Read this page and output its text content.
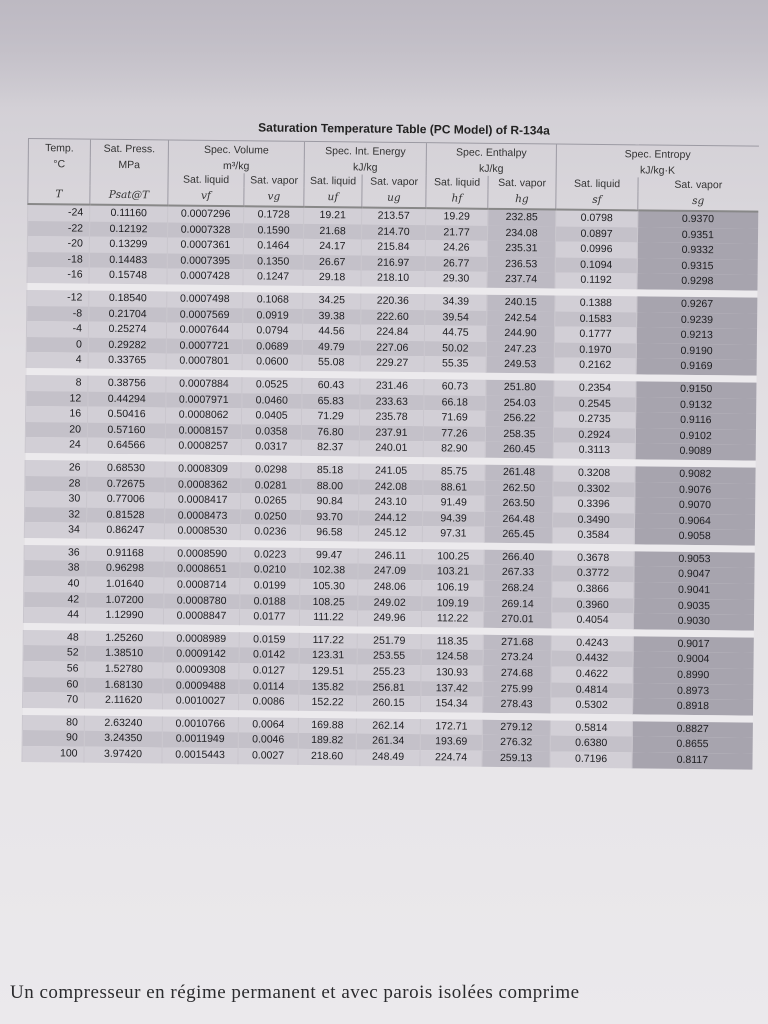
Saturation Temperature Table (PC Model) of R-134a
Temp.	Sat. Press.	Spec. Volume		Spec. Int. Energy		Spec. Enthalpy		Spec. Entropy	
°C	MPa	m³/kg		kJ/kg		kJ/kg		kJ/kg·K	
		Sat. liquid	Sat. vapor	Sat. liquid	Sat. vapor	Sat. liquid	Sat. vapor	Sat. liquid	Sat. vapor
T	Psat@T	vf	vg	uf	ug	hf	hg	sf	sg
-24	0.11160	0.0007296	0.1728	19.21	213.57	19.29	232.85	0.0798	0.9370
-22	0.12192	0.0007328	0.1590	21.68	214.70	21.77	234.08	0.0897	0.9351
-20	0.13299	0.0007361	0.1464	24.17	215.84	24.26	235.31	0.0996	0.9332
-18	0.14483	0.0007395	0.1350	26.67	216.97	26.77	236.53	0.1094	0.9315
-16	0.15748	0.0007428	0.1247	29.18	218.10	29.30	237.74	0.1192	0.9298

-12	0.18540	0.0007498	0.1068	34.25	220.36	34.39	240.15	0.1388	0.9267
-8	0.21704	0.0007569	0.0919	39.38	222.60	39.54	242.54	0.1583	0.9239
-4	0.25274	0.0007644	0.0794	44.56	224.84	44.75	244.90	0.1777	0.9213
0	0.29282	0.0007721	0.0689	49.79	227.06	50.02	247.23	0.1970	0.9190
4	0.33765	0.0007801	0.0600	55.08	229.27	55.35	249.53	0.2162	0.9169

8	0.38756	0.0007884	0.0525	60.43	231.46	60.73	251.80	0.2354	0.9150
12	0.44294	0.0007971	0.0460	65.83	233.63	66.18	254.03	0.2545	0.9132
16	0.50416	0.0008062	0.0405	71.29	235.78	71.69	256.22	0.2735	0.9116
20	0.57160	0.0008157	0.0358	76.80	237.91	77.26	258.35	0.2924	0.9102
24	0.64566	0.0008257	0.0317	82.37	240.01	82.90	260.45	0.3113	0.9089

26	0.68530	0.0008309	0.0298	85.18	241.05	85.75	261.48	0.3208	0.9082
28	0.72675	0.0008362	0.0281	88.00	242.08	88.61	262.50	0.3302	0.9076
30	0.77006	0.0008417	0.0265	90.84	243.10	91.49	263.50	0.3396	0.9070
32	0.81528	0.0008473	0.0250	93.70	244.12	94.39	264.48	0.3490	0.9064
34	0.86247	0.0008530	0.0236	96.58	245.12	97.31	265.45	0.3584	0.9058

36	0.91168	0.0008590	0.0223	99.47	246.11	100.25	266.40	0.3678	0.9053
38	0.96298	0.0008651	0.0210	102.38	247.09	103.21	267.33	0.3772	0.9047
40	1.01640	0.0008714	0.0199	105.30	248.06	106.19	268.24	0.3866	0.9041
42	1.07200	0.0008780	0.0188	108.25	249.02	109.19	269.14	0.3960	0.9035
44	1.12990	0.0008847	0.0177	111.22	249.96	112.22	270.01	0.4054	0.9030

48	1.25260	0.0008989	0.0159	117.22	251.79	118.35	271.68	0.4243	0.9017
52	1.38510	0.0009142	0.0142	123.31	253.55	124.58	273.24	0.4432	0.9004
56	1.52780	0.0009308	0.0127	129.51	255.23	130.93	274.68	0.4622	0.8990
60	1.68130	0.0009488	0.0114	135.82	256.81	137.42	275.99	0.4814	0.8973
70	2.11620	0.0010027	0.0086	152.22	260.15	154.34	278.43	0.5302	0.8918

80	2.63240	0.0010766	0.0064	169.88	262.14	172.71	279.12	0.5814	0.8827
90	3.24350	0.0011949	0.0046	189.82	261.34	193.69	276.32	0.6380	0.8655
100	3.97420	0.0015443	0.0027	218.60	248.49	224.74	259.13	0.7196	0.8117
Un compresseur en régime permanent et avec parois isolées comprime
